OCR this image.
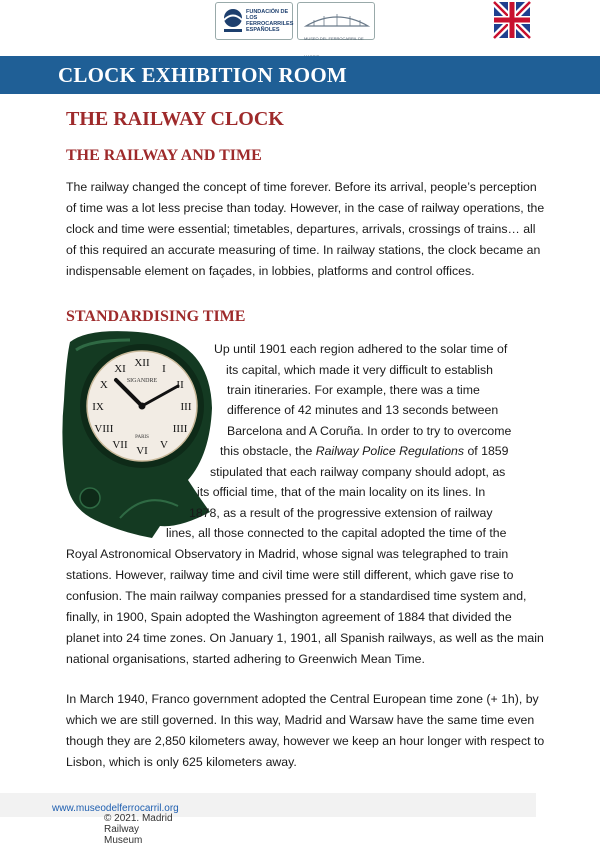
FUNDACIÓN DE LOS FERROCARRILES ESPAÑOLES
MUSEO DEL FERROCARRIL DE
CLOCK EXHIBITION ROOM
THE RAILWAY CLOCK
THE RAILWAY AND TIME

The railway changed the concept of time forever. Before its arrival, people’s perception of time was a lot less precise than today. However, in the case of railway operations, the clock and time were essential; timetables, departures, arrivals, crossings of trains… all of this required an accurate measuring of time. In railway stations, the clock became an indispensable element on façades, in lobbies, platforms and control offices.

STANDARDISING TIME
XII I
II
III
IIII
V
VI
VII
VIII
IX
X
XI
SIGANDRE
PARIS

Up until 1901 each region adhered to the solar time of

its capital, which made it very difficult to establish

train itineraries. For example, there was a time

difference of 42 minutes and 13 seconds between

Barcelona and A Coruña. In order to try to overcome

this obstacle, the Railway Police Regulations of 1859

stipulated that each railway company should adopt, as

its official time, that of the main locality on its lines. In

1878, as a result of the progressive extension of railway

lines, all those connected to the capital adopted the time of the

Royal Astronomical Observatory in Madrid, whose signal was telegraphed to train stations. However, railway time and civil time were still different, which gave rise to confusion. The main railway companies pressed for a standardised time system and, finally, in 1900, Spain adopted the Washington agreement of 1884 that divided the planet into 24 time zones. On January 1, 1901, all Spanish railways, as well as the main national organisations, started adhering to Greenwich Mean Time.

In March 1940, Franco government adopted the Central European time zone (+ 1h), by which we are still governed. In this way, Madrid and Warsaw have the same time even though they are 2,850 kilometers away, however we keep an hour longer with respect to Lisbon, which is only 625 kilometers away.

© 2021. Madrid Railway Museum
www.museodelferrocarril.org
